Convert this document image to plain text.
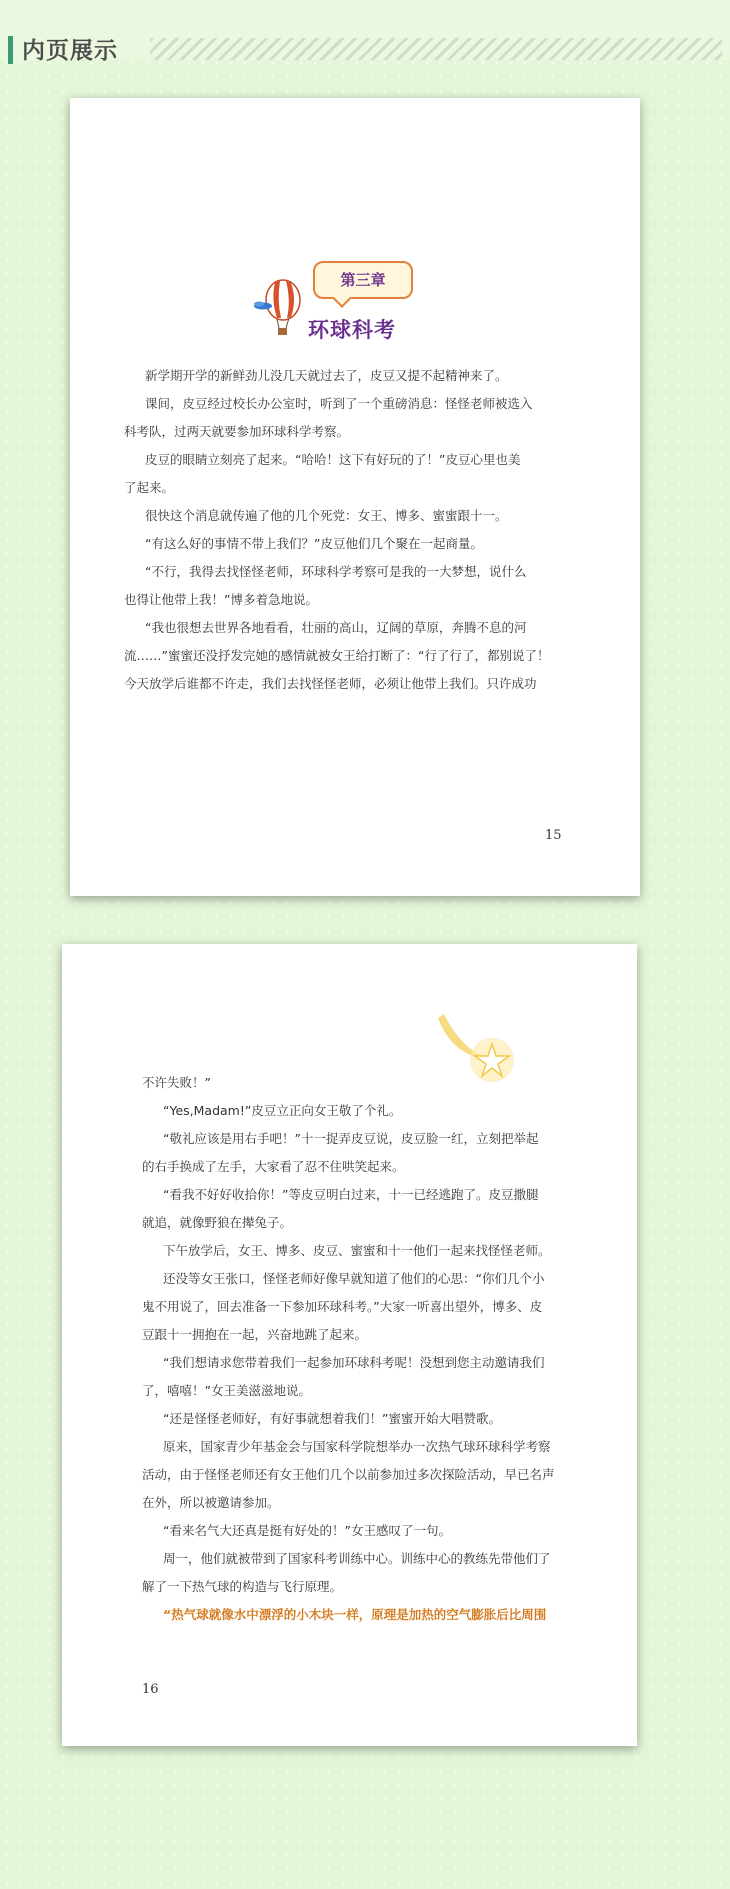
内页展示
第三章
环球科考
新学期开学的新鲜劲儿没几天就过去了，皮豆又提不起精神来了。
课间，皮豆经过校长办公室时，听到了一个重磅消息：怪怪老师被选入
科考队，过两天就要参加环球科学考察。
皮豆的眼睛立刻亮了起来。“哈哈！这下有好玩的了！”皮豆心里也美
了起来。
很快这个消息就传遍了他的几个死党：女王、博多、蜜蜜跟十一。
“有这么好的事情不带上我们？”皮豆他们几个聚在一起商量。
“不行，我得去找怪怪老师，环球科学考察可是我的一大梦想，说什么
也得让他带上我！”博多着急地说。
“我也很想去世界各地看看，壮丽的高山，辽阔的草原，奔腾不息的河
流……”蜜蜜还没抒发完她的感情就被女王给打断了：“行了行了，都别说了！
今天放学后谁都不许走，我们去找怪怪老师，必须让他带上我们。只许成功
15
不许失败！”
“Yes,Madam!”皮豆立正向女王敬了个礼。
“敬礼应该是用右手吧！”十一捉弄皮豆说，皮豆脸一红，立刻把举起
的右手换成了左手，大家看了忍不住哄笑起来。
“看我不好好收拾你！”等皮豆明白过来，十一已经逃跑了。皮豆撒腿
就追，就像野狼在撵兔子。
下午放学后，女王、博多、皮豆、蜜蜜和十一他们一起来找怪怪老师。
还没等女王张口，怪怪老师好像早就知道了他们的心思：“你们几个小
鬼不用说了，回去准备一下参加环球科考。”大家一听喜出望外，博多、皮
豆跟十一拥抱在一起，兴奋地跳了起来。
“我们想请求您带着我们一起参加环球科考呢！没想到您主动邀请我们
了，嘻嘻！”女王美滋滋地说。
“还是怪怪老师好，有好事就想着我们！”蜜蜜开始大唱赞歌。
原来，国家青少年基金会与国家科学院想举办一次热气球环球科学考察
活动，由于怪怪老师还有女王他们几个以前参加过多次探险活动，早已名声
在外，所以被邀请参加。
“看来名气大还真是挺有好处的！”女王感叹了一句。
周一，他们就被带到了国家科考训练中心。训练中心的教练先带他们了
解了一下热气球的构造与飞行原理。
“热气球就像水中漂浮的小木块一样，原理是加热的空气膨胀后比周围
16
